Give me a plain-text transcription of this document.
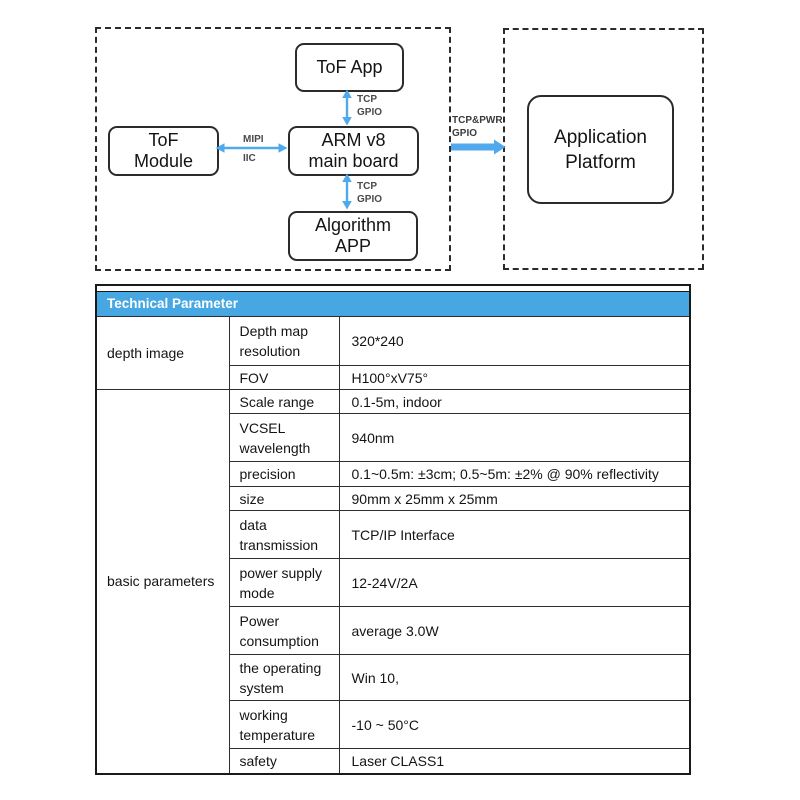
ToF App
ToF
Module
ARM v8
main board
Algorithm
APP
Application
Platform
TCP
GPIO
MIPI
IIC
TCP
GPIO
TCP&PWR
GPIO

Technical Parameter		
depth image	Depth map resolution	320*240
	FOV	H100°xV75°
basic parameters	Scale range	0.1-5m, indoor
	VCSEL wavelength	940nm
	precision	0.1~0.5m: ±3cm; 0.5~5m: ±2% @ 90% reflectivity
	size	90mm x 25mm x 25mm
	data transmission	TCP/IP Interface
	power supply mode	12-24V/2A
	Power consumption	average 3.0W
	the operating system	Win 10,
	working temperature	-10 ~ 50°C
	safety	Laser CLASS1
